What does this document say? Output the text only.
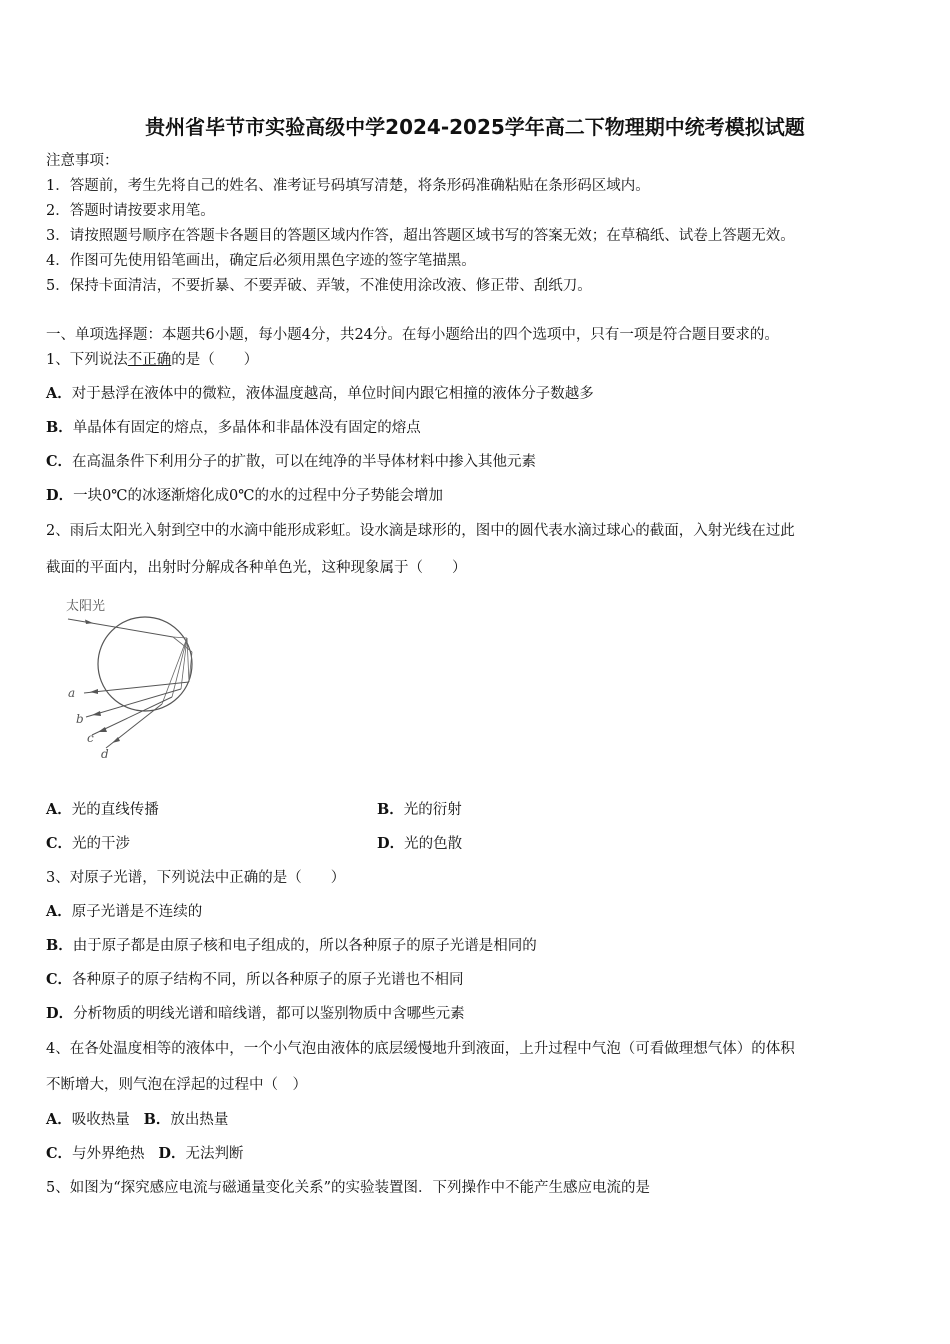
贵州省毕节市实验高级中学2024-2025学年高二下物理期中统考模拟试题
注意事项：
1．答题前，考生先将自己的姓名、准考证号码填写清楚，将条形码准确粘贴在条形码区域内。
2．答题时请按要求用笔。
3．请按照题号顺序在答题卡各题目的答题区域内作答，超出答题区域书写的答案无效；在草稿纸、试卷上答题无效。
4．作图可先使用铅笔画出，确定后必须用黑色字迹的签字笔描黑。
5．保持卡面清洁，不要折暴、不要弄破、弄皱，不准使用涂改液、修正带、刮纸刀。
一、单项选择题：本题共6小题，每小题4分，共24分。在每小题给出的四个选项中，只有一项是符合题目要求的。
1、下列说法不正确的是（　　）
A．对于悬浮在液体中的微粒，液体温度越高，单位时间内跟它相撞的液体分子数越多
B．单晶体有固定的熔点，多晶体和非晶体没有固定的熔点
C．在高温条件下利用分子的扩散，可以在纯净的半导体材料中掺入其他元素
D．一块0℃的冰逐渐熔化成0℃的水的过程中分子势能会增加
2、雨后太阳光入射到空中的水滴中能形成彩虹。设水滴是球形的，图中的圆代表水滴过球心的截面，入射光线在过此
截面的平面内，出射时分解成各种单色光，这种现象属于（　　）
太阳光
a
b
c
d
A．光的直线传播	B．光的衍射
C．光的干涉	D．光的色散
3、对原子光谱，下列说法中正确的是（　　）
A．原子光谱是不连续的
B．由于原子都是由原子核和电子组成的，所以各种原子的原子光谱是相同的
C．各种原子的原子结构不同，所以各种原子的原子光谱也不相同
D．分析物质的明线光谱和暗线谱，都可以鉴别物质中含哪些元素
4、在各处温度相等的液体中，一个小气泡由液体的底层缓慢地升到液面，上升过程中气泡（可看做理想气体）的体积
不断增大，则气泡在浮起的过程中（　）
A．吸收热量 B．放出热量
C．与外界绝热 D．无法判断
5、如图为“探究感应电流与磁通量变化关系”的实验装置图．下列操作中不能产生感应电流的是
